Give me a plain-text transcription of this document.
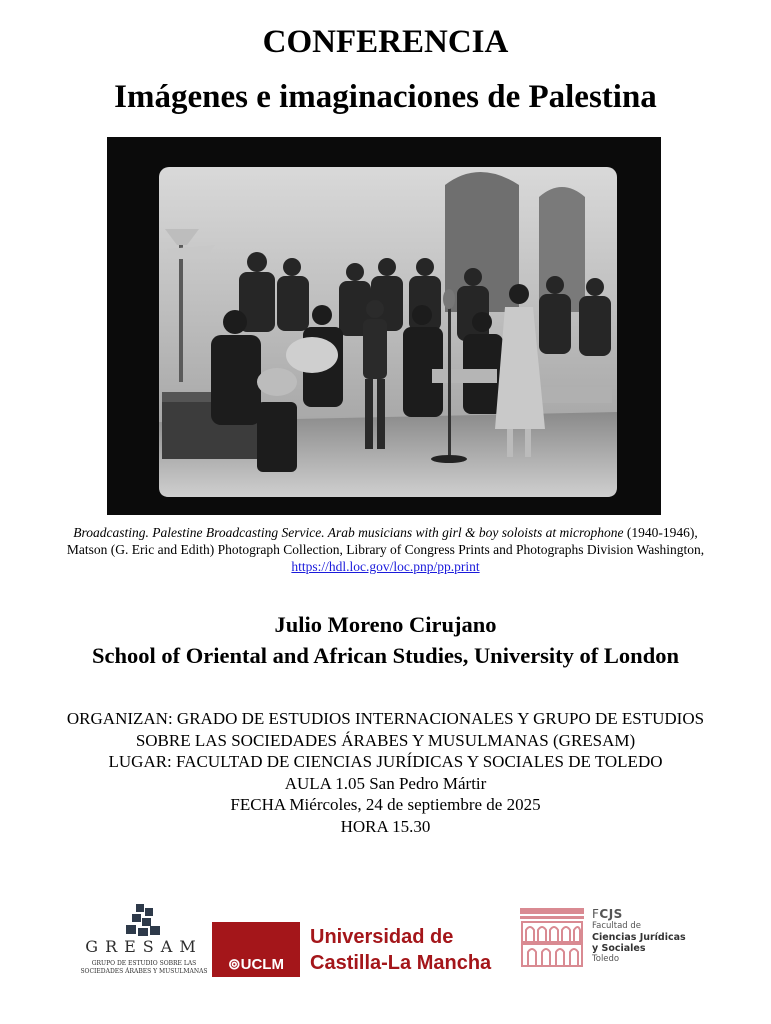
CONFERENCIA
Imágenes e imaginaciones de Palestina
Broadcasting. Palestine Broadcasting Service. Arab musicians with girl & boy soloists at microphone (1940-1946),
Matson (G. Eric and Edith) Photograph Collection, Library of Congress Prints and Photographs Division Washington,
https://hdl.loc.gov/loc.pnp/pp.print
Julio Moreno Cirujano
School of Oriental and African Studies, University of London
ORGANIZAN: GRADO DE ESTUDIOS INTERNACIONALES Y GRUPO DE ESTUDIOS
SOBRE LAS SOCIEDADES ÁRABES Y MUSULMANAS (GRESAM)
LUGAR: FACULTAD DE CIENCIAS JURÍDICAS Y SOCIALES DE TOLEDO
AULA 1.05 San Pedro Mártir
FECHA Miércoles, 24 de septiembre de 2025
HORA 15.30
GRESAM
GRUPO DE ESTUDIO SOBRE LAS
SOCIEDADES ÁRABES Y MUSULMANAS	⊚UCLM
Universidad de
Castilla-La Mancha
FCJS
Facultad de
Ciencias Jurídicas
y Sociales
Toledo
